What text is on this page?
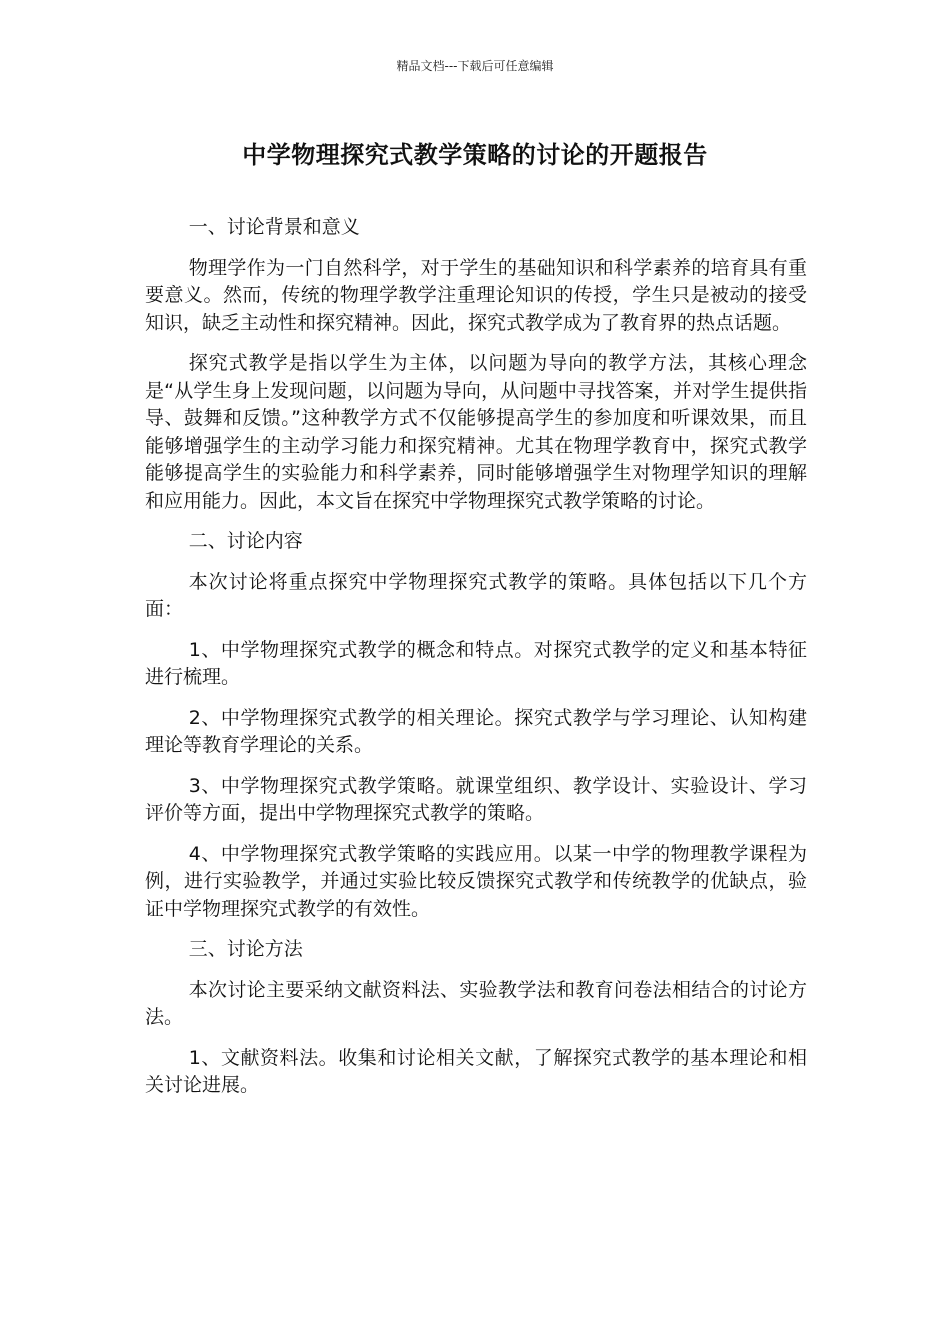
精品文档---下载后可任意编辑
中学物理探究式教学策略的讨论的开题报告
一、讨论背景和意义

物理学作为一门自然科学，对于学生的基础知识和科学素养的培育具有重要意义。然而，传统的物理学教学注重理论知识的传授，学生只是被动的接受知识，缺乏主动性和探究精神。因此，探究式教学成为了教育界的热点话题。

探究式教学是指以学生为主体，以问题为导向的教学方法，其核心理念是“从学生身上发现问题，以问题为导向，从问题中寻找答案，并对学生提供指导、鼓舞和反馈。”这种教学方式不仅能够提高学生的参加度和听课效果，而且能够增强学生的主动学习能力和探究精神。尤其在物理学教育中，探究式教学能够提高学生的实验能力和科学素养，同时能够增强学生对物理学知识的理解和应用能力。因此，本文旨在探究中学物理探究式教学策略的讨论。

二、讨论内容

本次讨论将重点探究中学物理探究式教学的策略。具体包括以下几个方面：

1、中学物理探究式教学的概念和特点。对探究式教学的定义和基本特征进行梳理。

2、中学物理探究式教学的相关理论。探究式教学与学习理论、认知构建理论等教育学理论的关系。

3、中学物理探究式教学策略。就课堂组织、教学设计、实验设计、学习评价等方面，提出中学物理探究式教学的策略。

4、中学物理探究式教学策略的实践应用。以某一中学的物理教学课程为例，进行实验教学，并通过实验比较反馈探究式教学和传统教学的优缺点，验证中学物理探究式教学的有效性。

三、讨论方法

本次讨论主要采纳文献资料法、实验教学法和教育问卷法相结合的讨论方法。

1、文献资料法。收集和讨论相关文献，了解探究式教学的基本理论和相关讨论进展。
